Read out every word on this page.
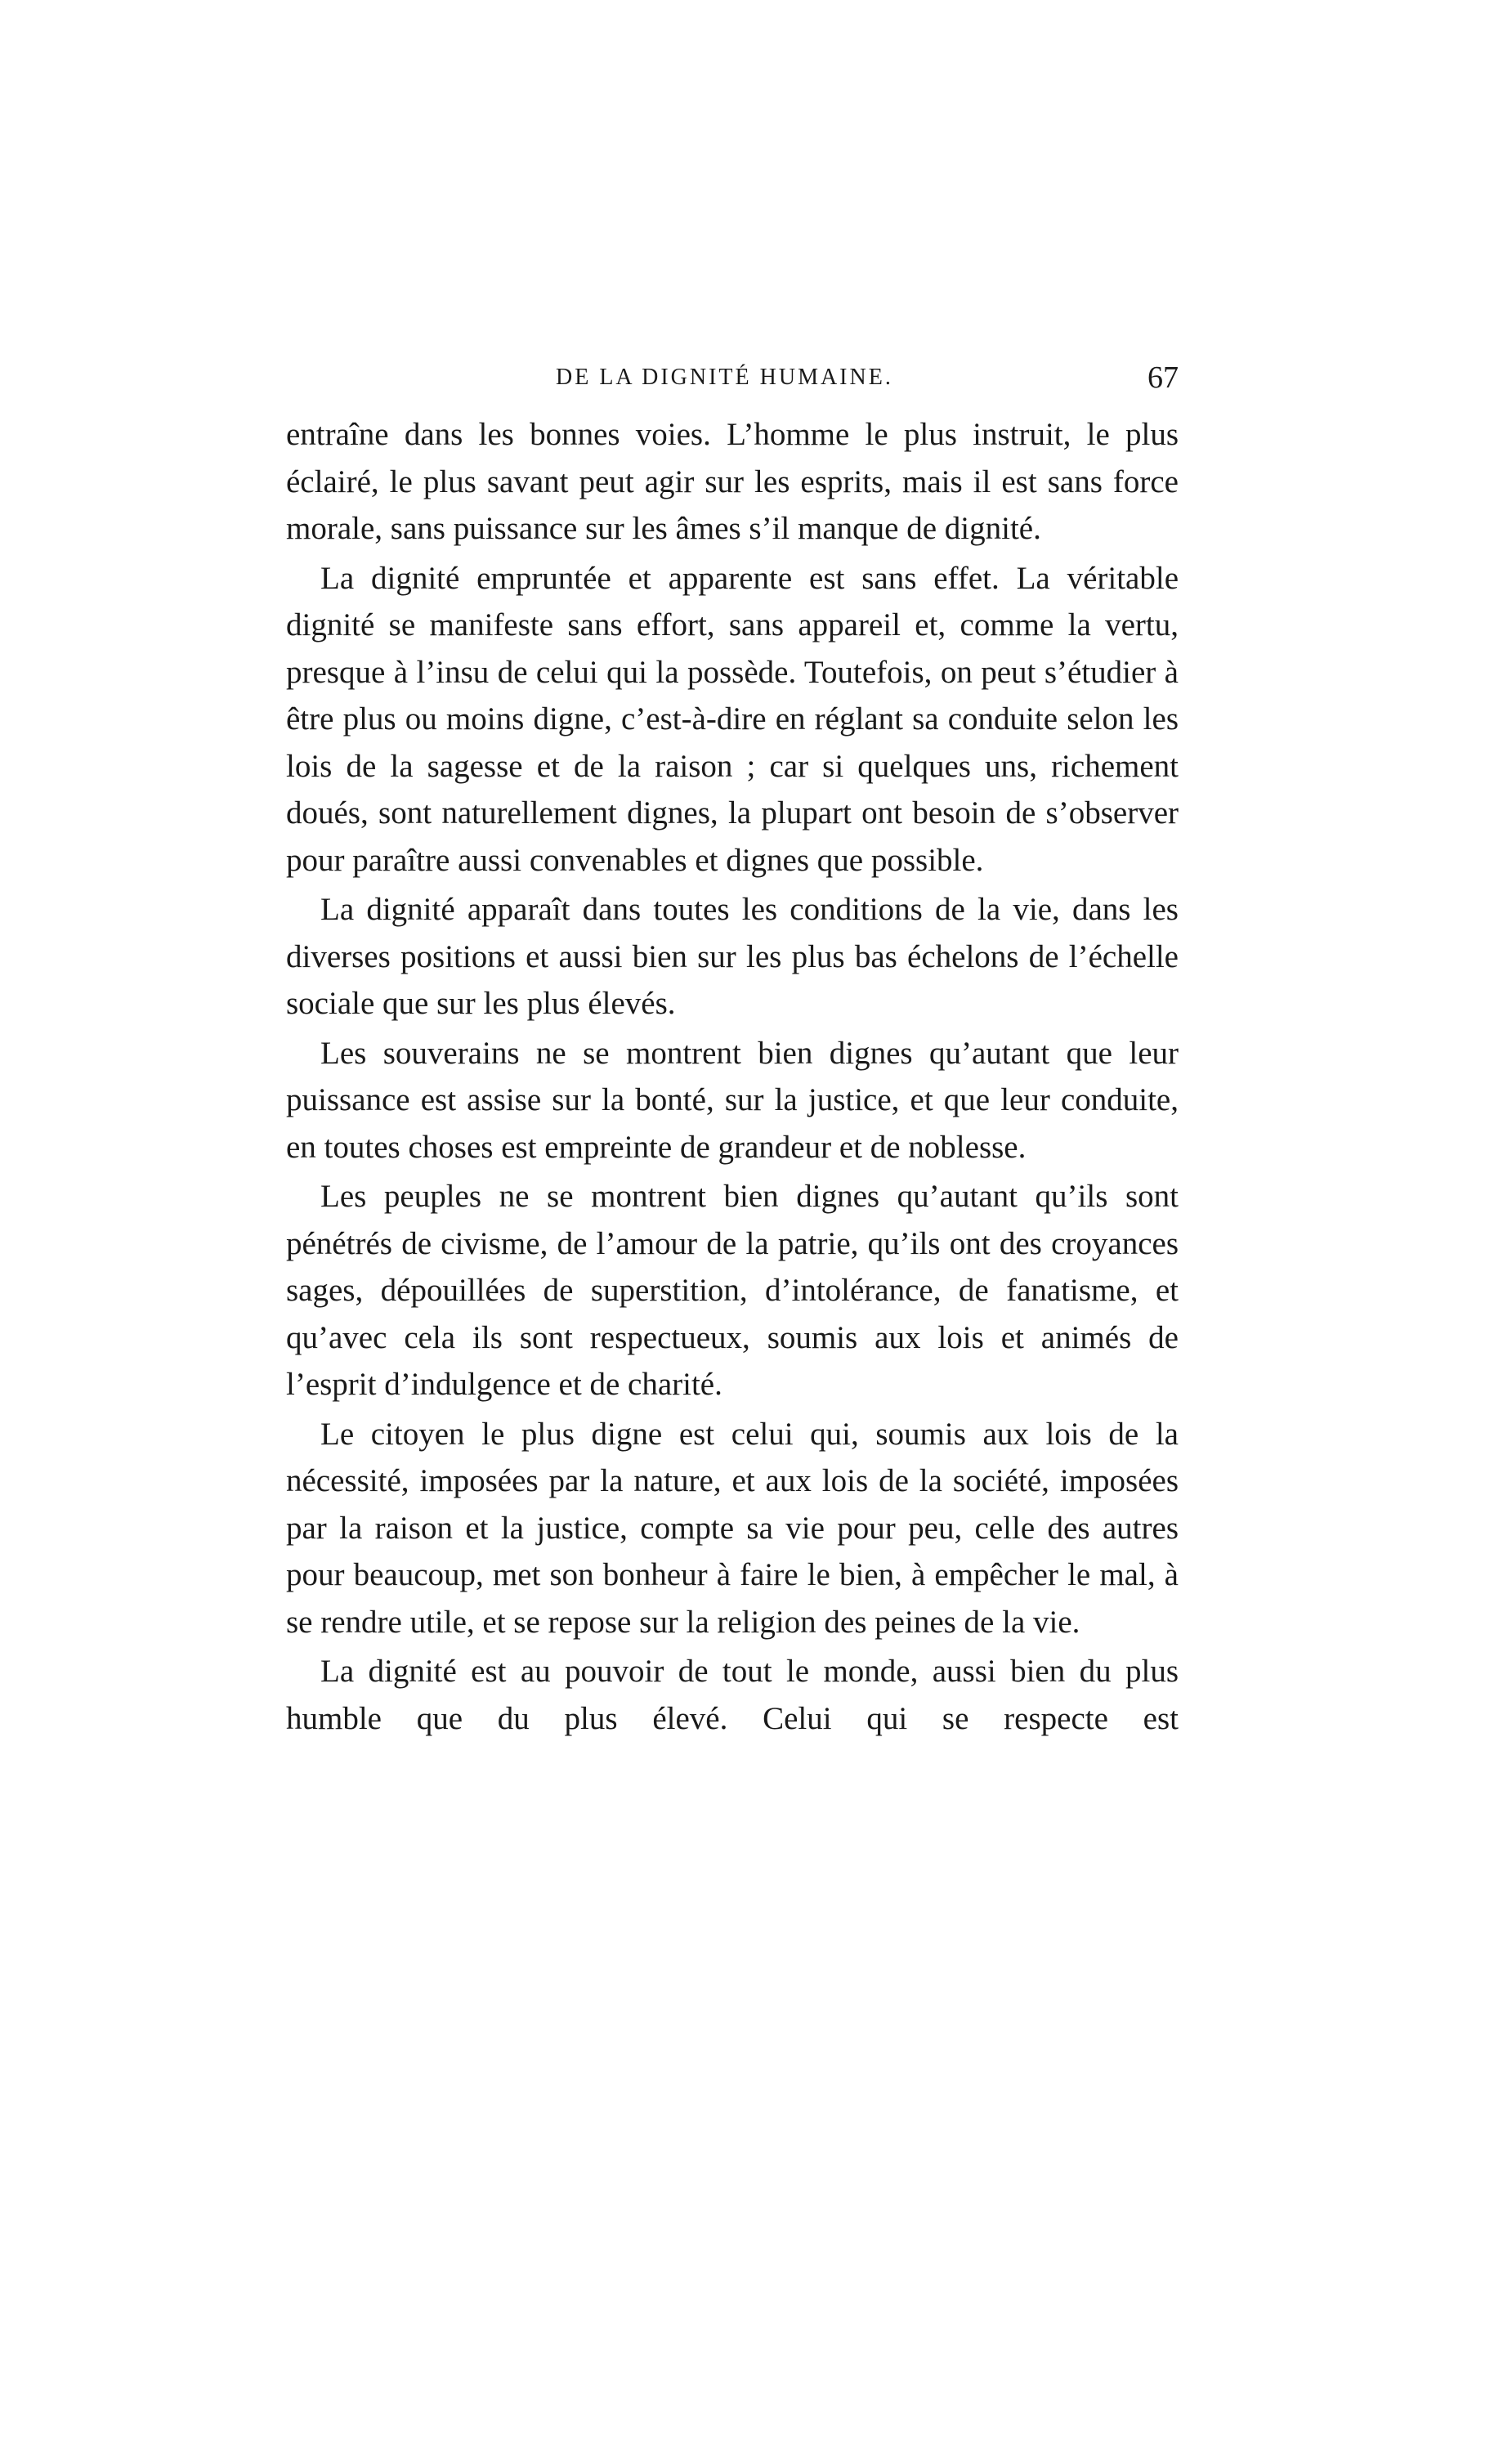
DE LA DIGNITÉ HUMAINE.	67

entraîne dans les bonnes voies. L’homme le plus instruit, le plus éclairé, le plus savant peut agir sur les esprits, mais il est sans force morale, sans puissance sur les âmes s’il manque de dignité.

La dignité empruntée et apparente est sans effet. La véritable dignité se manifeste sans effort, sans appareil et, comme la vertu, presque à l’insu de celui qui la possède. Toutefois, on peut s’étudier à être plus ou moins digne, c’est-à-dire en réglant sa conduite selon les lois de la sagesse et de la raison ; car si quelques uns, richement doués, sont naturellement dignes, la plupart ont besoin de s’observer pour paraître aussi convenables et dignes que possible.

La dignité apparaît dans toutes les conditions de la vie, dans les diverses positions et aussi bien sur les plus bas échelons de l’échelle sociale que sur les plus élevés.

Les souverains ne se montrent bien dignes qu’autant que leur puissance est assise sur la bonté, sur la justice, et que leur conduite, en toutes choses est empreinte de grandeur et de noblesse.

Les peuples ne se montrent bien dignes qu’autant qu’ils sont pénétrés de civisme, de l’amour de la patrie, qu’ils ont des croyances sages, dépouillées de superstition, d’intolérance, de fanatisme, et qu’avec cela ils sont respectueux, soumis aux lois et animés de l’esprit d’indulgence et de charité.

Le citoyen le plus digne est celui qui, soumis aux lois de la nécessité, imposées par la nature, et aux lois de la société, imposées par la raison et la justice, compte sa vie pour peu, celle des autres pour beaucoup, met son bonheur à faire le bien, à empêcher le mal, à se rendre utile, et se repose sur la religion des peines de la vie.

La dignité est au pouvoir de tout le monde, aussi bien du plus humble que du plus élevé. Celui qui se respecte est
